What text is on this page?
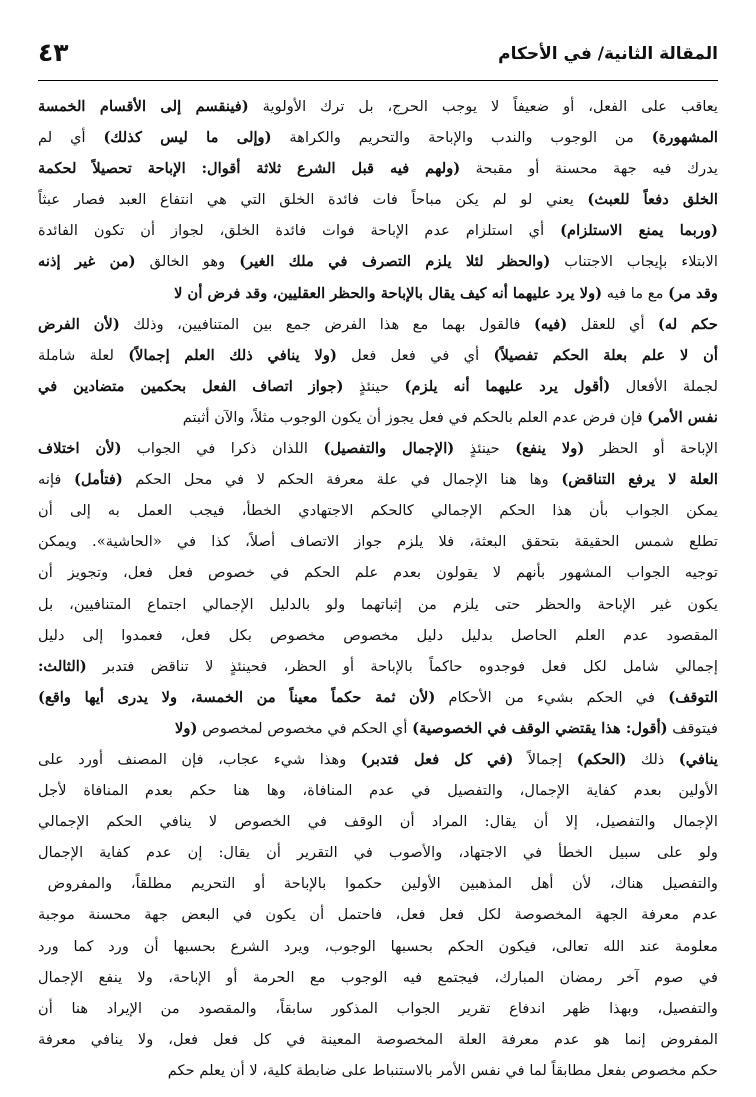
المقالة الثانية/ في الأحكام
٤٣
يعاقب على الفعل، أو ضعيفاً لا يوجب الحرج، بل ترك الأولوية (فينقسم إلى الأقسام الخمسة
المشهورة) من الوجوب والندب والإباحة والتحريم والكراهة (وإلى ما ليس كذلك) أي لم
يدرك فيه جهة محسنة أو مقبحة (ولهم فيه قبل الشرع ثلاثة أقوال: الإباحة تحصيلاً لحكمة
الخلق دفعاً للعبث) يعني لو لم يكن مباحاً فات فائدة الخلق التي هي انتفاع العبد فصار عبثاً
(وربما يمنع الاستلزام) أي استلزام عدم الإباحة فوات فائدة الخلق، لجواز أن تكون الفائدة
الابتلاء بإيجاب الاجتناب (والحظر لئلا يلزم التصرف في ملك الغير) وهو الخالق (من غير إذنه
وقد مر) مع ما فيه (ولا يرد عليهما أنه كيف يقال بالإباحة والحظر العقليين، وقد فرض أن لا
حكم له) أي للعقل (فيه) فالقول بهما مع هذا الفرض جمع بين المتنافيين، وذلك (لأن الفرض
أن لا علم بعلة الحكم تفصيلاً) أي في فعل فعل (ولا ينافي ذلك العلم إجمالاً) لعلة شاملة
لجملة الأفعال (أقول يرد عليهما أنه يلزم) حينئذٍ (جواز اتصاف الفعل بحكمين متضادين في
نفس الأمر) فإن فرض عدم العلم بالحكم في فعل يجوز أن يكون الوجوب مثلاً، والآن أثبتم
الإباحة أو الحظر (ولا ينفع) حينئذٍ (الإجمال والتفصيل) اللذان ذكرا في الجواب (لأن اختلاف
العلة لا يرفع التناقض) وها هنا الإجمال في علة معرفة الحكم لا في محل الحكم (فتأمل) فإنه
يمكن الجواب بأن هذا الحكم الإجمالي كالحكم الاجتهادي الخطأ، فيجب العمل به إلى أن
تطلع شمس الحقيقة بتحقق البعثة، فلا يلزم جواز الاتصاف أصلاً، كذا في «الحاشية». ويمكن
توجيه الجواب المشهور بأنهم لا يقولون بعدم علم الحكم في خصوص فعل فعل، وتجويز أن
يكون غير الإباحة والحظر حتى يلزم من إثباتهما ولو بالدليل الإجمالي اجتماع المتنافيين، بل
المقصود عدم العلم الحاصل بدليل دليل مخصوص مخصوص بكل فعل، فعمدوا إلى دليل
إجمالي شامل لكل فعل فوجدوه حاكماً بالإباحة أو الحظر، فحينئذٍ لا تناقض فتدبر (الثالث:
التوقف) في الحكم بشيء من الأحكام (لأن ثمة حكماً معيناً من الخمسة، ولا يدرى أيها واقع)
فيتوقف (أقول: هذا يقتضي الوقف في الخصوصية) أي الحكم في مخصوص لمخصوص (ولا
ينافي) ذلك (الحكم) إجمالاً (في كل فعل فتدبر) وهذا شيء عجاب، فإن المصنف أورد على
الأولين بعدم كفاية الإجمال، والتفصيل في عدم المنافاة، وها هنا حكم بعدم المنافاة لأجل
الإجمال والتفصيل، إلا أن يقال: المراد أن الوقف في الخصوص لا ينافي الحكم الإجمالي
ولو على سبيل الخطأ في الاجتهاد، والأصوب في التقرير أن يقال: إن عدم كفاية الإجمال
والتفصيل هناك، لأن أهل المذهبين الأولين حكموا بالإباحة أو التحريم مطلقاً، والمفروض
عدم معرفة الجهة المخصوصة لكل فعل فعل، فاحتمل أن يكون في البعض جهة محسنة موجبة
معلومة عند الله تعالى، فيكون الحكم بحسبها الوجوب، ويرد الشرع بحسبها أن ورد كما ورد
في صوم آخر رمضان المبارك، فيجتمع فيه الوجوب مع الحرمة أو الإباحة، ولا ينفع الإجمال
والتفصيل، وبهذا ظهر اندفاع تقرير الجواب المذكور سابقاً، والمقصود من الإيراد هنا أن
المفروض إنما هو عدم معرفة العلة المخصوصة المعينة في كل فعل فعل، ولا ينافي معرفة
حكم مخصوص بفعل مطابقاً لما في نفس الأمر بالاستنباط على ضابطة كلية، لا أن يعلم حكم
